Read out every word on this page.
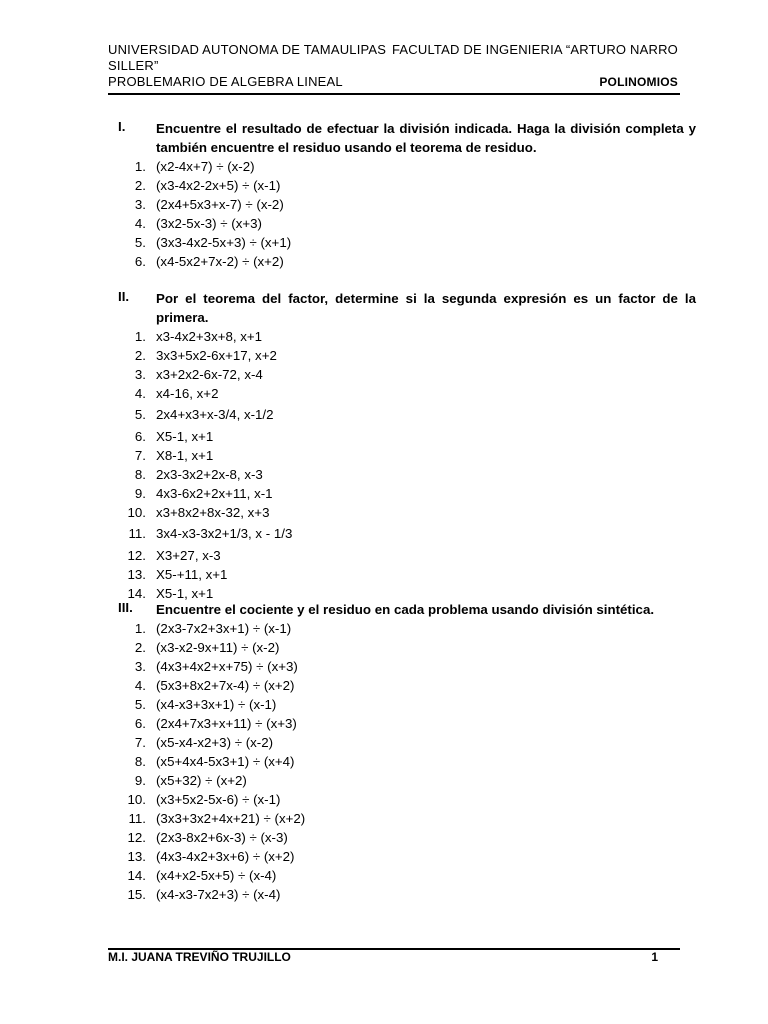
UNIVERSIDAD AUTONOMA DE TAMAULIPAS FACULTAD DE INGENIERIA “ARTURO NARRO
SILLER”
PROBLEMARIO DE ALGEBRA LINEAL	POLINOMIOS
I.	Encuentre el resultado de efectuar la división indicada. Haga la división completa y también encuentre el residuo usando el teorema de residuo.
1. (x2-4x+7) ÷ (x-2)
2. (x3-4x2-2x+5) ÷ (x-1)
3. (2x4+5x3+x-7) ÷ (x-2)
4. (3x2-5x-3) ÷ (x+3)
5. (3x3-4x2-5x+3) ÷ (x+1)
6. (x4-5x2+7x-2) ÷ (x+2)
II.	Por el teorema del factor, determine si la segunda expresión es un factor de la primera.
1. x3-4x2+3x+8, x+1
2. 3x3+5x2-6x+17, x+2
3. x3+2x2-6x-72, x-4
4. x4-16, x+2
5. 2x4+x3+x-3/4, x-1/2
6. X5-1, x+1
7. X8-1, x+1
8. 2x3-3x2+2x-8, x-3
9. 4x3-6x2+2x+11, x-1
10. x3+8x2+8x-32, x+3
11. 3x4-x3-3x2+1/3, x - 1/3
12. X3+27, x-3
13. X5-+11, x+1
14. X5-1, x+1
III.	Encuentre el cociente y el residuo en cada problema usando división sintética.
1. (2x3-7x2+3x+1) ÷ (x-1)
2. (x3-x2-9x+11) ÷ (x-2)
3. (4x3+4x2+x+75) ÷ (x+3)
4. (5x3+8x2+7x-4) ÷ (x+2)
5. (x4-x3+3x+1) ÷ (x-1)
6. (2x4+7x3+x+11) ÷ (x+3)
7. (x5-x4-x2+3) ÷ (x-2)
8. (x5+4x4-5x3+1) ÷ (x+4)
9. (x5+32) ÷ (x+2)
10. (x3+5x2-5x-6) ÷ (x-1)
11. (3x3+3x2+4x+21) ÷ (x+2)
12. (2x3-8x2+6x-3) ÷ (x-3)
13. (4x3-4x2+3x+6) ÷ (x+2)
14. (x4+x2-5x+5) ÷ (x-4)
15. (x4-x3-7x2+3) ÷ (x-4)
M.I. JUANA TREVIÑO TRUJILLO	1
